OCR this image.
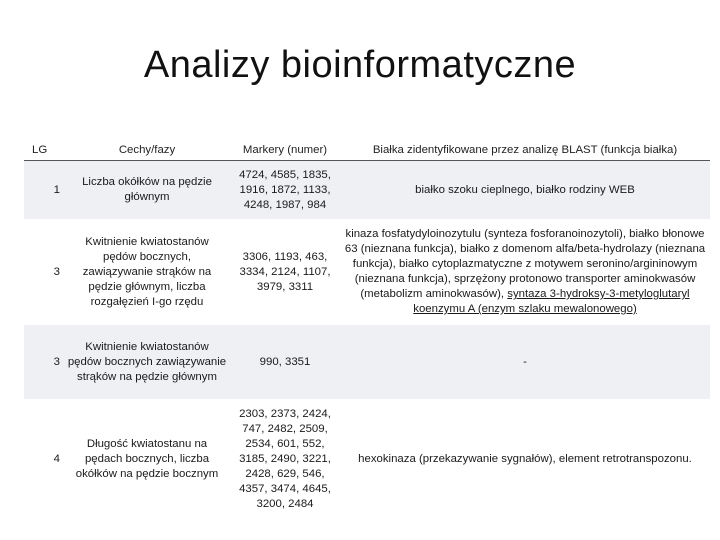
Analizy bioinformatyczne
LG	Cechy/fazy	Markery (numer)	Białka zidentyfikowane przez analizę BLAST (funkcja białka)
1	Liczba okółków na pędzie głównym	4724, 4585, 1835, 1916, 1872, 1133, 4248, 1987, 984	białko szoku cieplnego, białko rodziny WEB
3	Kwitnienie kwiatostanów pędów bocznych, zawiązywanie strąków na pędzie głównym, liczba rozgałęzień I-go rzędu	3306, 1193, 463, 3334, 2124, 1107, 3979, 3311	kinaza fosfatydyloinozytulu (synteza fosforanoinozytoli), białko błonowe 63 (nieznana funkcja), białko z domenom alfa/beta-hydrolazy (nieznana funkcja), białko cytoplazmatyczne z motywem seronino/argininowym (nieznana funkcja), sprzężony protonowo transporter aminokwasów (metabolizm aminokwasów), syntaza 3-hydroksy-3-metyloglutaryl koenzymu A (enzym szlaku mewalonowego)
3	Kwitnienie kwiatostanów pędów bocznych zawiązywanie strąków na pędzie głównym	990, 3351	-
4	Długość kwiatostanu na pędach bocznych, liczba okółków na pędzie bocznym	2303, 2373, 2424, 747, 2482, 2509, 2534, 601, 552, 3185, 2490, 3221, 2428, 629, 546, 4357, 3474, 4645, 3200, 2484	hexokinaza (przekazywanie sygnałów), element retrotranspozonu.
